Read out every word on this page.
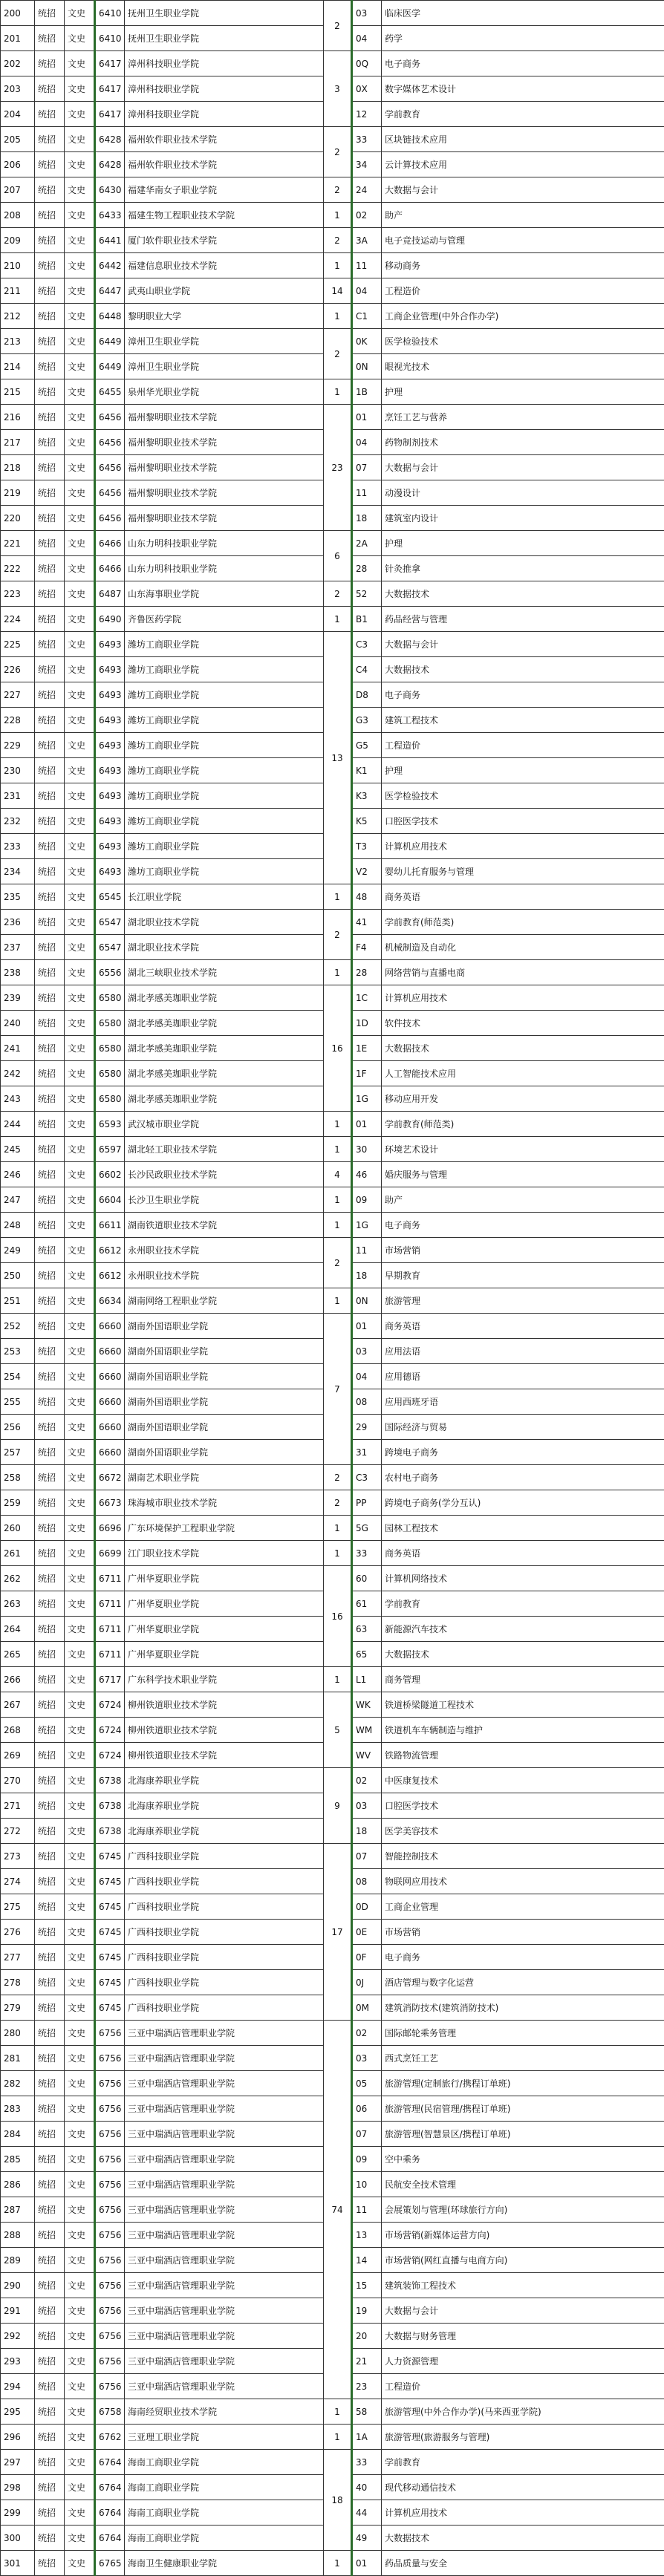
200	统招	文史	6410	抚州卫生职业学院	2	03	临床医学
201	统招	文史	6410	抚州卫生职业学院		04	药学
202	统招	文史	6417	漳州科技职业学院	3	0Q	电子商务
203	统招	文史	6417	漳州科技职业学院		0X	数字媒体艺术设计
204	统招	文史	6417	漳州科技职业学院		12	学前教育
205	统招	文史	6428	福州软件职业技术学院	2	33	区块链技术应用
206	统招	文史	6428	福州软件职业技术学院		34	云计算技术应用
207	统招	文史	6430	福建华南女子职业学院	2	24	大数据与会计
208	统招	文史	6433	福建生物工程职业技术学院	1	02	助产
209	统招	文史	6441	厦门软件职业技术学院	2	3A	电子竞技运动与管理
210	统招	文史	6442	福建信息职业技术学院	1	11	移动商务
211	统招	文史	6447	武夷山职业学院	14	04	工程造价
212	统招	文史	6448	黎明职业大学	1	C1	工商企业管理(中外合作办学)
213	统招	文史	6449	漳州卫生职业学院	2	0K	医学检验技术
214	统招	文史	6449	漳州卫生职业学院		0N	眼视光技术
215	统招	文史	6455	泉州华光职业学院	1	1B	护理
216	统招	文史	6456	福州黎明职业技术学院	23	01	烹饪工艺与营养
217	统招	文史	6456	福州黎明职业技术学院		04	药物制剂技术
218	统招	文史	6456	福州黎明职业技术学院		07	大数据与会计
219	统招	文史	6456	福州黎明职业技术学院		11	动漫设计
220	统招	文史	6456	福州黎明职业技术学院		18	建筑室内设计
221	统招	文史	6466	山东力明科技职业学院	6	2A	护理
222	统招	文史	6466	山东力明科技职业学院		28	针灸推拿
223	统招	文史	6487	山东海事职业学院	2	52	大数据技术
224	统招	文史	6490	齐鲁医药学院	1	B1	药品经营与管理
225	统招	文史	6493	潍坊工商职业学院	13	C3	大数据与会计
226	统招	文史	6493	潍坊工商职业学院		C4	大数据技术
227	统招	文史	6493	潍坊工商职业学院		D8	电子商务
228	统招	文史	6493	潍坊工商职业学院		G3	建筑工程技术
229	统招	文史	6493	潍坊工商职业学院		G5	工程造价
230	统招	文史	6493	潍坊工商职业学院		K1	护理
231	统招	文史	6493	潍坊工商职业学院		K3	医学检验技术
232	统招	文史	6493	潍坊工商职业学院		K5	口腔医学技术
233	统招	文史	6493	潍坊工商职业学院		T3	计算机应用技术
234	统招	文史	6493	潍坊工商职业学院		V2	婴幼儿托育服务与管理
235	统招	文史	6545	长江职业学院	1	48	商务英语
236	统招	文史	6547	湖北职业技术学院	2	41	学前教育(师范类)
237	统招	文史	6547	湖北职业技术学院		F4	机械制造及自动化
238	统招	文史	6556	湖北三峡职业技术学院	1	28	网络营销与直播电商
239	统招	文史	6580	湖北孝感美珈职业学院	16	1C	计算机应用技术
240	统招	文史	6580	湖北孝感美珈职业学院		1D	软件技术
241	统招	文史	6580	湖北孝感美珈职业学院		1E	大数据技术
242	统招	文史	6580	湖北孝感美珈职业学院		1F	人工智能技术应用
243	统招	文史	6580	湖北孝感美珈职业学院		1G	移动应用开发
244	统招	文史	6593	武汉城市职业学院	1	01	学前教育(师范类)
245	统招	文史	6597	湖北轻工职业技术学院	1	30	环境艺术设计
246	统招	文史	6602	长沙民政职业技术学院	4	46	婚庆服务与管理
247	统招	文史	6604	长沙卫生职业学院	1	09	助产
248	统招	文史	6611	湖南铁道职业技术学院	1	1G	电子商务
249	统招	文史	6612	永州职业技术学院	2	11	市场营销
250	统招	文史	6612	永州职业技术学院		18	早期教育
251	统招	文史	6634	湖南网络工程职业学院	1	0N	旅游管理
252	统招	文史	6660	湖南外国语职业学院	7	01	商务英语
253	统招	文史	6660	湖南外国语职业学院		03	应用法语
254	统招	文史	6660	湖南外国语职业学院		04	应用德语
255	统招	文史	6660	湖南外国语职业学院		08	应用西班牙语
256	统招	文史	6660	湖南外国语职业学院		29	国际经济与贸易
257	统招	文史	6660	湖南外国语职业学院		31	跨境电子商务
258	统招	文史	6672	湖南艺术职业学院	2	C3	农村电子商务
259	统招	文史	6673	珠海城市职业技术学院	2	PP	跨境电子商务(学分互认)
260	统招	文史	6696	广东环境保护工程职业学院	1	5G	园林工程技术
261	统招	文史	6699	江门职业技术学院	1	33	商务英语
262	统招	文史	6711	广州华夏职业学院	16	60	计算机网络技术
263	统招	文史	6711	广州华夏职业学院		61	学前教育
264	统招	文史	6711	广州华夏职业学院		63	新能源汽车技术
265	统招	文史	6711	广州华夏职业学院		65	大数据技术
266	统招	文史	6717	广东科学技术职业学院	1	L1	商务管理
267	统招	文史	6724	柳州铁道职业技术学院	5	WK	铁道桥梁隧道工程技术
268	统招	文史	6724	柳州铁道职业技术学院		WM	铁道机车车辆制造与维护
269	统招	文史	6724	柳州铁道职业技术学院		WV	铁路物流管理
270	统招	文史	6738	北海康养职业学院	9	02	中医康复技术
271	统招	文史	6738	北海康养职业学院		03	口腔医学技术
272	统招	文史	6738	北海康养职业学院		18	医学美容技术
273	统招	文史	6745	广西科技职业学院	17	07	智能控制技术
274	统招	文史	6745	广西科技职业学院		08	物联网应用技术
275	统招	文史	6745	广西科技职业学院		0D	工商企业管理
276	统招	文史	6745	广西科技职业学院		0E	市场营销
277	统招	文史	6745	广西科技职业学院		0F	电子商务
278	统招	文史	6745	广西科技职业学院		0J	酒店管理与数字化运营
279	统招	文史	6745	广西科技职业学院		0M	建筑消防技术(建筑消防技术)
280	统招	文史	6756	三亚中瑞酒店管理职业学院	74	02	国际邮轮乘务管理
281	统招	文史	6756	三亚中瑞酒店管理职业学院		03	西式烹饪工艺
282	统招	文史	6756	三亚中瑞酒店管理职业学院		05	旅游管理(定制旅行/携程订单班)
283	统招	文史	6756	三亚中瑞酒店管理职业学院		06	旅游管理(民宿管理/携程订单班)
284	统招	文史	6756	三亚中瑞酒店管理职业学院		07	旅游管理(智慧景区/携程订单班)
285	统招	文史	6756	三亚中瑞酒店管理职业学院		09	空中乘务
286	统招	文史	6756	三亚中瑞酒店管理职业学院		10	民航安全技术管理
287	统招	文史	6756	三亚中瑞酒店管理职业学院		11	会展策划与管理(环球旅行方向)
288	统招	文史	6756	三亚中瑞酒店管理职业学院		13	市场营销(新媒体运营方向)
289	统招	文史	6756	三亚中瑞酒店管理职业学院		14	市场营销(网红直播与电商方向)
290	统招	文史	6756	三亚中瑞酒店管理职业学院		15	建筑装饰工程技术
291	统招	文史	6756	三亚中瑞酒店管理职业学院		19	大数据与会计
292	统招	文史	6756	三亚中瑞酒店管理职业学院		20	大数据与财务管理
293	统招	文史	6756	三亚中瑞酒店管理职业学院		21	人力资源管理
294	统招	文史	6756	三亚中瑞酒店管理职业学院		23	工程造价
295	统招	文史	6758	海南经贸职业技术学院	1	58	旅游管理(中外合作办学)(马来西亚学院)
296	统招	文史	6762	三亚理工职业学院	1	1A	旅游管理(旅游服务与管理)
297	统招	文史	6764	海南工商职业学院	18	33	学前教育
298	统招	文史	6764	海南工商职业学院		40	现代移动通信技术
299	统招	文史	6764	海南工商职业学院		44	计算机应用技术
300	统招	文史	6764	海南工商职业学院		49	大数据技术
301	统招	文史	6765	海南卫生健康职业学院	1	01	药品质量与安全
